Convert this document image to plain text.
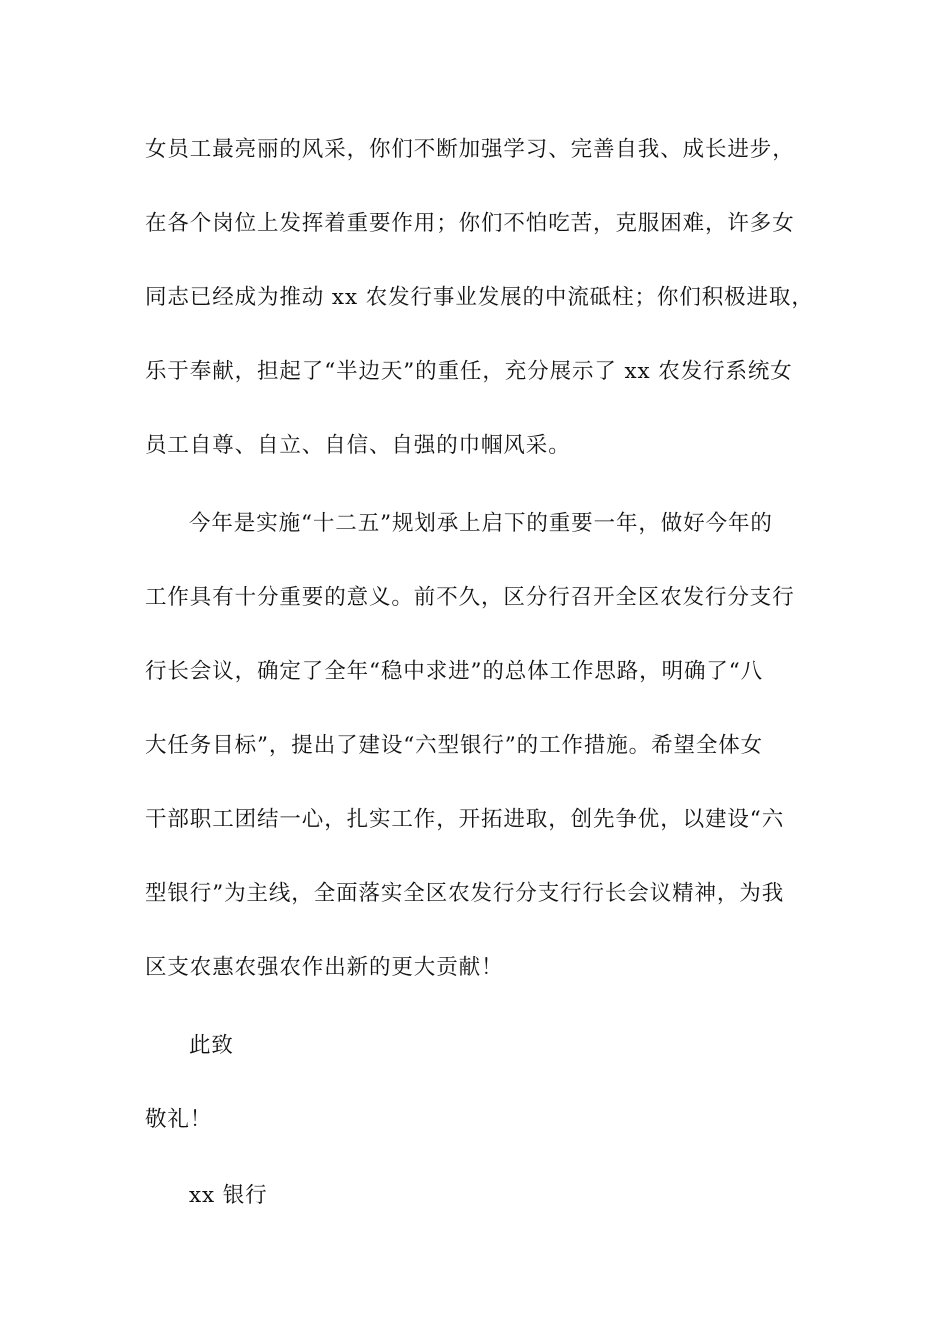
女员工最亮丽的风采，你们不断加强学习、完善自我、成长进步，
在各个岗位上发挥着重要作用；你们不怕吃苦，克服困难，许多女
同志已经成为推动 xx 农发行事业发展的中流砥柱；你们积极进取，
乐于奉献，担起了“半边天”的重任，充分展示了 xx 农发行系统女
员工自尊、自立、自信、自强的巾帼风采。
今年是实施“十二五”规划承上启下的重要一年，做好今年的
工作具有十分重要的意义。前不久，区分行召开全区农发行分支行
行长会议，确定了全年“稳中求进”的总体工作思路，明确了“八
大任务目标”，提出了建设“六型银行”的工作措施。希望全体女
干部职工团结一心，扎实工作，开拓进取，创先争优，以建设“六
型银行”为主线，全面落实全区农发行分支行行长会议精神，为我
区支农惠农强农作出新的更大贡献！
此致
敬礼！
xx 银行
